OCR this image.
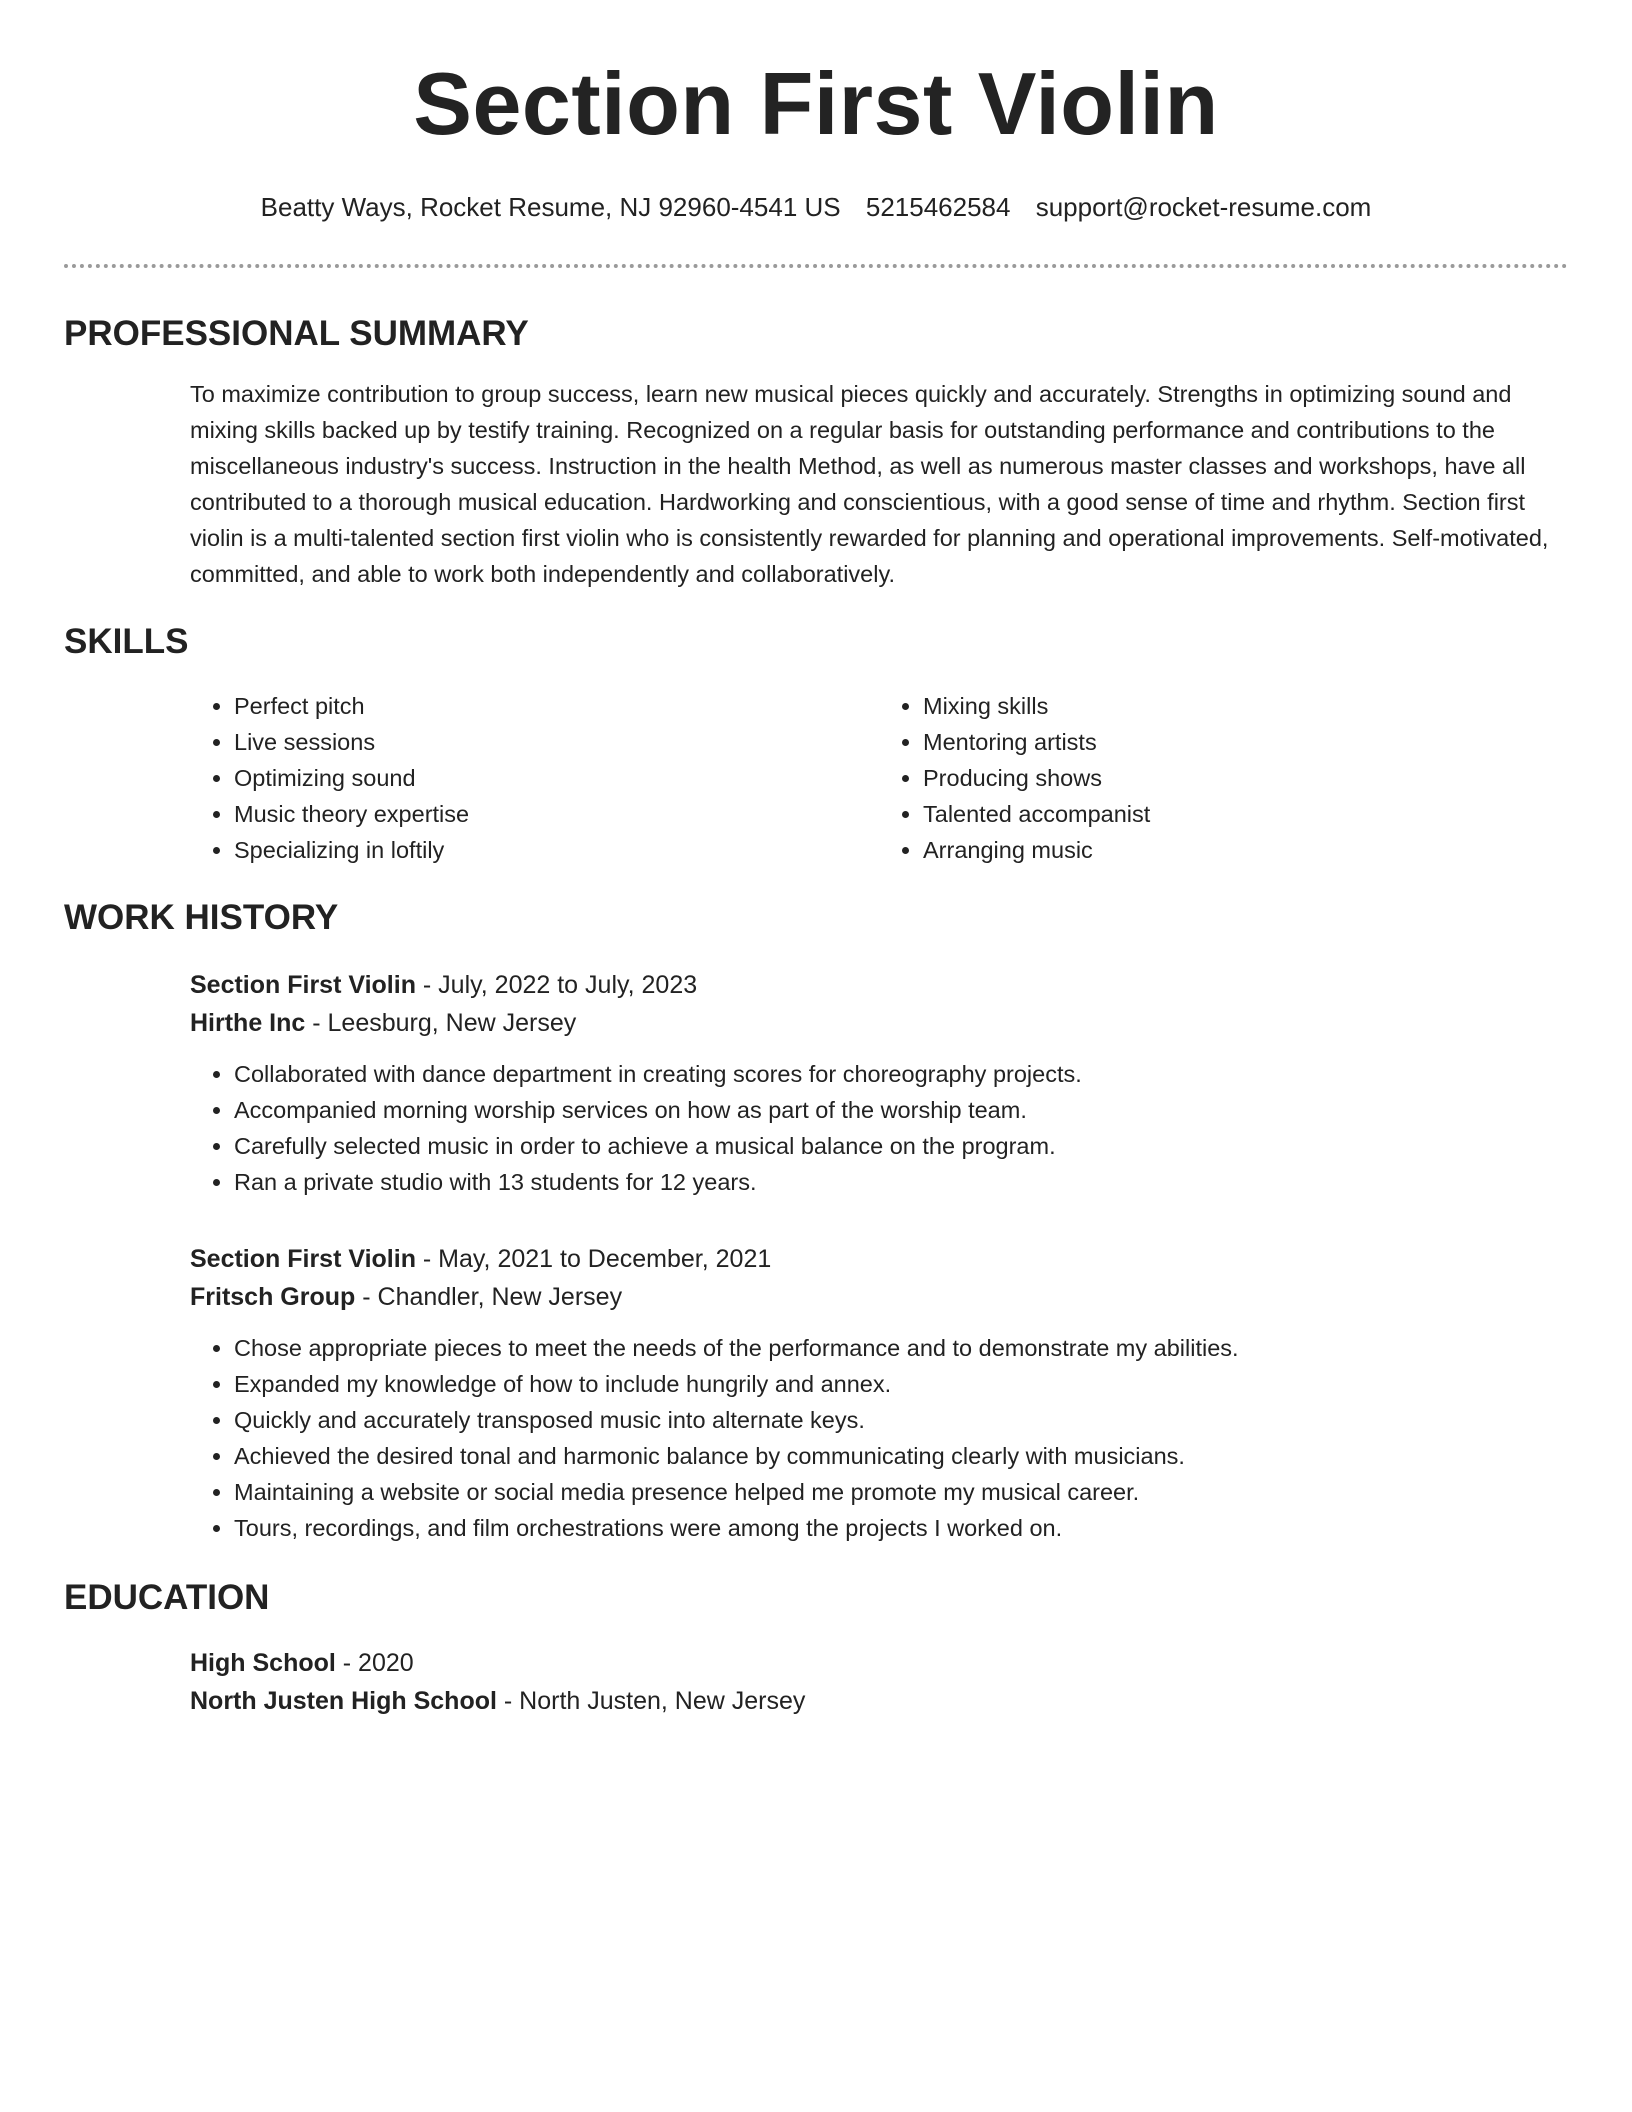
Section First Violin
Beatty Ways, Rocket Resume, NJ 92960-4541 US 5215462584 support@rocket-resume.com
PROFESSIONAL SUMMARY

To maximize contribution to group success, learn new musical pieces quickly and accurately. Strengths in optimizing sound and mixing skills backed up by testify training. Recognized on a regular basis for outstanding performance and contributions to the miscellaneous industry's success. Instruction in the health Method, as well as numerous master classes and workshops, have all contributed to a thorough musical education. Hardworking and conscientious, with a good sense of time and rhythm. Section first violin is a multi-talented section first violin who is consistently rewarded for planning and operational improvements. Self-motivated, committed, and able to work both independently and collaboratively.

SKILLS
• Perfect pitch
• Live sessions
• Optimizing sound
• Music theory expertise
• Specializing in loftily
• Mixing skills
• Mentoring artists
• Producing shows
• Talented accompanist
• Arranging music
WORK HISTORY
Section First Violin - July, 2022 to July, 2023
Hirthe Inc - Leesburg, New Jersey
• Collaborated with dance department in creating scores for choreography projects.
• Accompanied morning worship services on how as part of the worship team.
• Carefully selected music in order to achieve a musical balance on the program.
• Ran a private studio with 13 students for 12 years.
Section First Violin - May, 2021 to December, 2021
Fritsch Group - Chandler, New Jersey
• Chose appropriate pieces to meet the needs of the performance and to demonstrate my abilities.
• Expanded my knowledge of how to include hungrily and annex.
• Quickly and accurately transposed music into alternate keys.
• Achieved the desired tonal and harmonic balance by communicating clearly with musicians.
• Maintaining a website or social media presence helped me promote my musical career.
• Tours, recordings, and film orchestrations were among the projects I worked on.
EDUCATION
High School - 2020
North Justen High School - North Justen, New Jersey
